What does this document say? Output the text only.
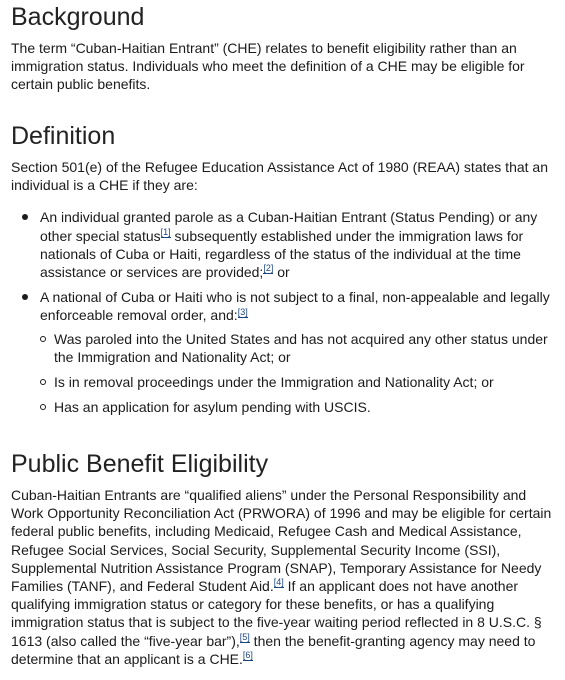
Background

The term “Cuban-Haitian Entrant” (CHE) relates to benefit eligibility rather than an immigration status. Individuals who meet the definition of a CHE may be eligible for certain public benefits.

Definition

Section 501(e) of the Refugee Education Assistance Act of 1980 (REAA) states that an individual is a CHE if they are:

An individual granted parole as a Cuban-Haitian Entrant (Status Pending) or any other special status[1] subsequently established under the immigration laws for nationals of Cuba or Haiti, regardless of the status of the individual at the time assistance or services are provided;[2] or
A national of Cuba or Haiti who is not subject to a final, non-appealable and legally enforceable removal order, and:[3]
Was paroled into the United States and has not acquired any other status under the Immigration and Nationality Act; or
Is in removal proceedings under the Immigration and Nationality Act; or
Has an application for asylum pending with USCIS.
Public Benefit Eligibility

Cuban-Haitian Entrants are “qualified aliens” under the Personal Responsibility and Work Opportunity Reconciliation Act (PRWORA) of 1996 and may be eligible for certain federal public benefits, including Medicaid, Refugee Cash and Medical Assistance, Refugee Social Services, Social Security, Supplemental Security Income (SSI), Supplemental Nutrition Assistance Program (SNAP), Temporary Assistance for Needy Families (TANF), and Federal Student Aid.[4] If an applicant does not have another qualifying immigration status or category for these benefits, or has a qualifying immigration status that is subject to the five-year waiting period reflected in 8 U.S.C. § 1613 (also called the “five-year bar”),[5] then the benefit-granting agency may need to determine that an applicant is a CHE.[6]
